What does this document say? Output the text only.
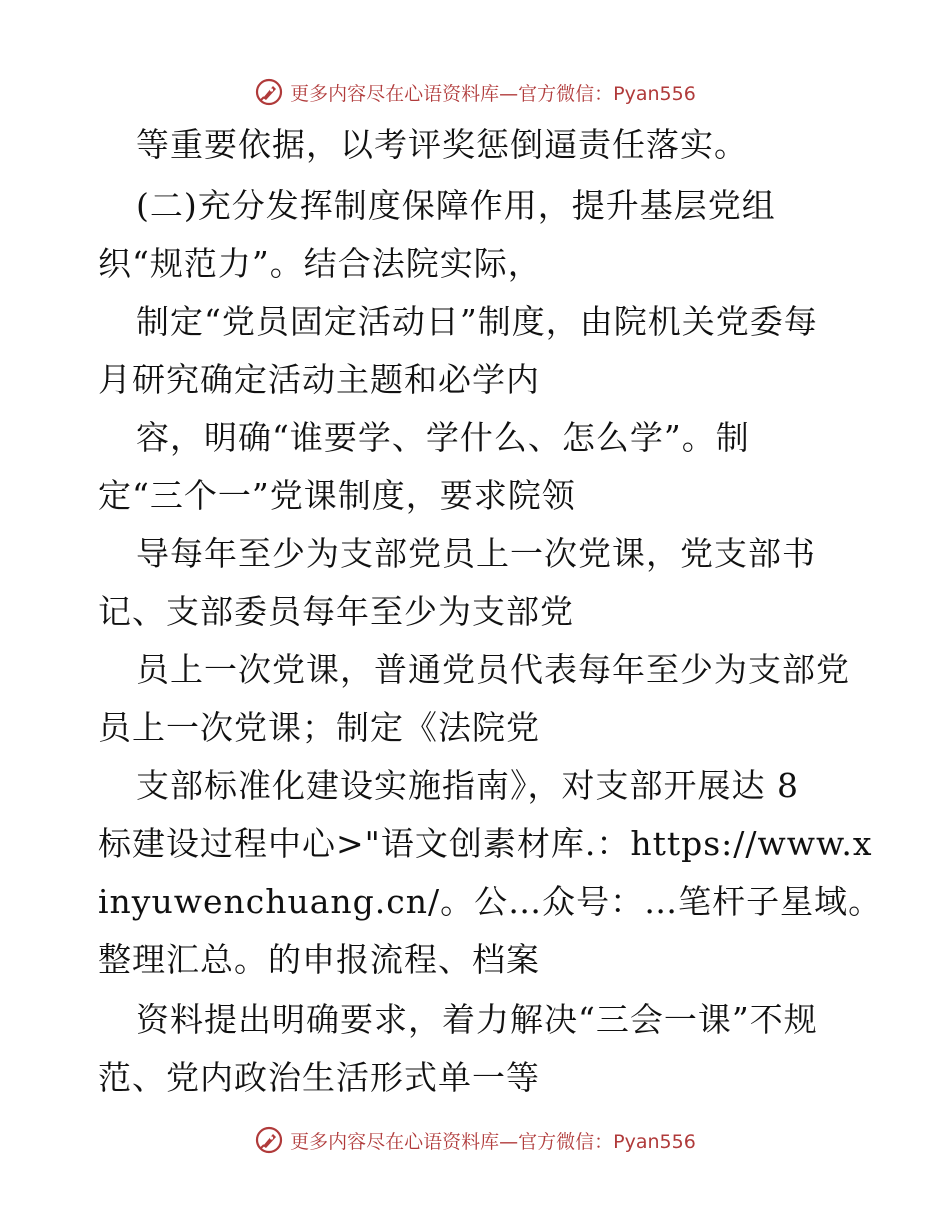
更多内容尽在心语资料库—官方微信：Pyan556
等重要依据，以考评奖惩倒逼责任落实。
(二)充分发挥制度保障作用，提升基层党组
织“规范力”。结合法院实际，
制定“党员固定活动日”制度，由院机关党委每
月研究确定活动主题和必学内
容，明确“谁要学、学什么、怎么学”。制
定“三个一”党课制度，要求院领
导每年至少为支部党员上一次党课，党支部书
记、支部委员每年至少为支部党
员上一次党课，普通党员代表每年至少为支部党
员上一次党课；制定《法院党
支部标准化建设实施指南》，对支部开展达 8
标建设过程中心>"语文创素材库.：https://www.x
inyuwenchuang.cn/。公…众号：…笔杆子星域。
整理汇总。的申报流程、档案
资料提出明确要求，着力解决“三会一课”不规
范、党内政治生活形式单一等
更多内容尽在心语资料库—官方微信：Pyan556
